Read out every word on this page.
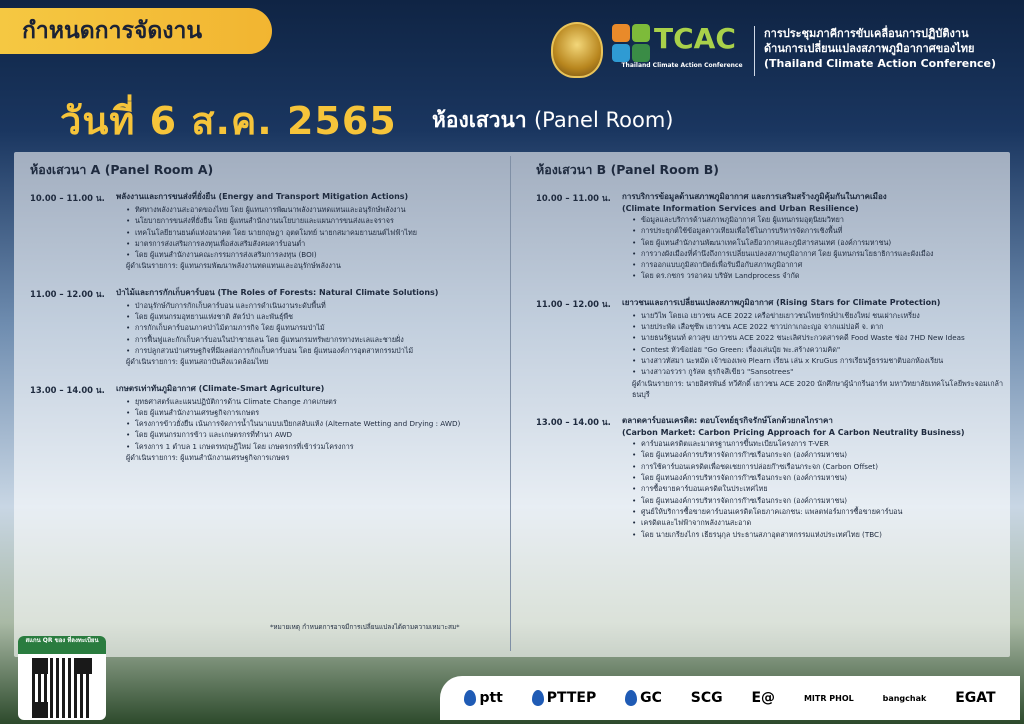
กำหนดการจัดงาน	TCAC
Thailand Climate Action Conference
การประชุมภาคีการขับเคลื่อนการปฏิบัติงาน
ด้านการเปลี่ยนแปลงสภาพภูมิอากาศของไทย
(Thailand Climate Action Conference)
วันที่ 6 ส.ค. 2565 ห้องเสวนา (Panel Room)
ห้องเสวนา A (Panel Room A)
10.00 – 11.00 น.	พลังงานและการขนส่งที่ยั่งยืน (Energy and Transport Mitigation Actions)
• ทิศทางพลังงานสะอาดของไทย โดย ผู้แทนการพัฒนาพลังงานทดแทนและอนุรักษ์พลังงาน
• นโยบายการขนส่งที่ยั่งยืน โดย ผู้แทนสำนักงานนโยบายและแผนการขนส่งและจราจร
• เทคโนโลยียานยนต์แห่งอนาคต โดย นายกฤษฎา อุตตโมทย์ นายกสมาคมยานยนต์ไฟฟ้าไทย
• มาตรการส่งเสริมการลงทุนเพื่อส่งเสริมสังคมคาร์บอนต่ำ
• โดย ผู้แทนสำนักงานคณะกรรมการส่งเสริมการลงทุน (BOI)
ผู้ดำเนินรายการ: ผู้แทนกรมพัฒนาพลังงานทดแทนและอนุรักษ์พลังงาน
11.00 – 12.00 น.	ป่าไม้และการกักเก็บคาร์บอน (The Roles of Forests: Natural Climate Solutions)
• ป่าอนุรักษ์กับการกักเก็บคาร์บอน และการดำเนินงานระดับพื้นที่
• โดย ผู้แทนกรมอุทยานแห่งชาติ สัตว์ป่า และพันธุ์พืช
• การกักเก็บคาร์บอนภาคป่าไม้ตามภารกิจ โดย ผู้แทนกรมป่าไม้
• การฟื้นฟูและกักเก็บคาร์บอนในป่าชายเลน โดย ผู้แทนกรมทรัพยากรทางทะเลและชายฝั่ง
• การปลูกสวนป่าเศรษฐกิจที่มีผลต่อการกักเก็บคาร์บอน โดย ผู้แทนองค์การอุตสาหกรรมป่าไม้
ผู้ดำเนินรายการ: ผู้แทนสถาบันสิ่งแวดล้อมไทย
13.00 – 14.00 น.	เกษตรเท่าทันภูมิอากาศ (Climate-Smart Agriculture)
• ยุทธศาสตร์และแผนปฏิบัติการด้าน Climate Change ภาคเกษตร
• โดย ผู้แทนสำนักงานเศรษฐกิจการเกษตร
• โครงการข้าวยั่งยืน เน้นการจัดการน้ำในนาแบบเปียกสลับแห้ง (Alternate Wetting and Drying : AWD)
• โดย ผู้แทนกรมการข้าว และเกษตรกรที่ทำนา AWD
• โครงการ 1 ตำบล 1 เกษตรทฤษฎีใหม่ โดย เกษตรกรที่เข้าร่วมโครงการ
ผู้ดำเนินรายการ: ผู้แทนสำนักงานเศรษฐกิจการเกษตร
ห้องเสวนา B (Panel Room B)
10.00 – 11.00 น.	การบริการข้อมูลด้านสภาพภูมิอากาศ และการเสริมสร้างภูมิคุ้มกันในภาคเมือง
(Climate Information Services and Urban Resilience)
• ข้อมูลและบริการด้านสภาพภูมิอากาศ โดย ผู้แทนกรมอุตุนิยมวิทยา
• การประยุกต์ใช้ข้อมูลดาวเทียมเพื่อใช้ในการบริหารจัดการเชิงพื้นที่
• โดย ผู้แทนสำนักงานพัฒนาเทคโนโลยีอวกาศและภูมิสารสนเทศ (องค์การมหาชน)
• การวางผังเมืองที่คำนึงถึงการเปลี่ยนแปลงสภาพภูมิอากาศ โดย ผู้แทนกรมโยธาธิการและผังเมือง
• การออกแบบภูมิสถาปัตย์เพื่อรับมือกับสภาพภูมิอากาศ
• โดย ดร.กชกร วรอาคม บริษัท Landprocess จำกัด
11.00 – 12.00 น.	เยาวชนและการเปลี่ยนแปลงสภาพภูมิอากาศ (Rising Stars for Climate Protection)
• นายวิไพ โดยเอ เยาวชน ACE 2022 เครือข่ายเยาวชนไทยรักษ์ป่าเชียงใหม่ ชนเผ่ากะเหรี่ยง
• นายประพัด เสือชุซีพ เยาวชน ACE 2022 ชาวปกาเกอะญอ จากแม่ปอคี จ. ตาก
• นายธนรัฐนนท์ ดาวสุข เยาวชน ACE 2022 ชนะเลิศประกวดสารคดี Food Waste ช่อง 7HD New Ideas
• Contest หัวข้อย่อย "Go Green: เรื่องเล่นปุ๋ย พะ.สร้างความคิด"
• นางสาวทัสมา นะหมัด เจ้าของเพจ Plearn เรียน เล่น x KruGus การเรียนรู้ธรรมชาติบอกห้องเรียน
• นางสาวอรวรา กูรัสต ธุรกิจสีเขียว "Sansotrees"
ผู้ดำเนินรายการ: นายอิศรพันธ์ ทวีศักดิ์ เยาวชน ACE 2020 นักศึกษาผู้นำกรีนอาร์ท มหาวิทยาลัยเทคโนโลยีพระจอมเกล้าธนบุรี
13.00 – 14.00 น.	ตลาดคาร์บอนเครดิต: ตอบโจทย์ธุรกิจรักษ์โลกด้วยกลไกราคา
(Carbon Market: Carbon Pricing Approach for A Carbon Neutrality Business)
• คาร์บอนเครดิตและมาตรฐานการขึ้นทะเบียนโครงการ T-VER
• โดย ผู้แทนองค์การบริหารจัดการก๊าซเรือนกระจก (องค์การมหาชน)
• การใช้คาร์บอนเครดิตเพื่อชดเชยการปล่อยก๊าซเรือนกระจก (Carbon Offset)
• โดย ผู้แทนองค์การบริหารจัดการก๊าซเรือนกระจก (องค์การมหาชน)
• การซื้อขายคาร์บอนเครดิตในประเทศไทย
• โดย ผู้แทนองค์การบริหารจัดการก๊าซเรือนกระจก (องค์การมหาชน)
• ศูนย์ให้บริการซื้อขายคาร์บอนเครดิตโดยภาคเอกชน: แพลตฟอร์มการซื้อขายคาร์บอน
• เครดิตและไฟฟ้าจากพลังงานสะอาด
• โดย นายเกรียงไกร เธียรนุกุล ประธานสภาอุตสาหกรรมแห่งประเทศไทย (TBC)
*หมายเหตุ กำหนดการอาจมีการเปลี่ยนแปลงได้ตามความเหมาะสม*
สแกน QR ของ ที่ลงทะเบียน
ptt	PTTEP	GC SCG E@	MITR PHOL	bangchak EGAT
